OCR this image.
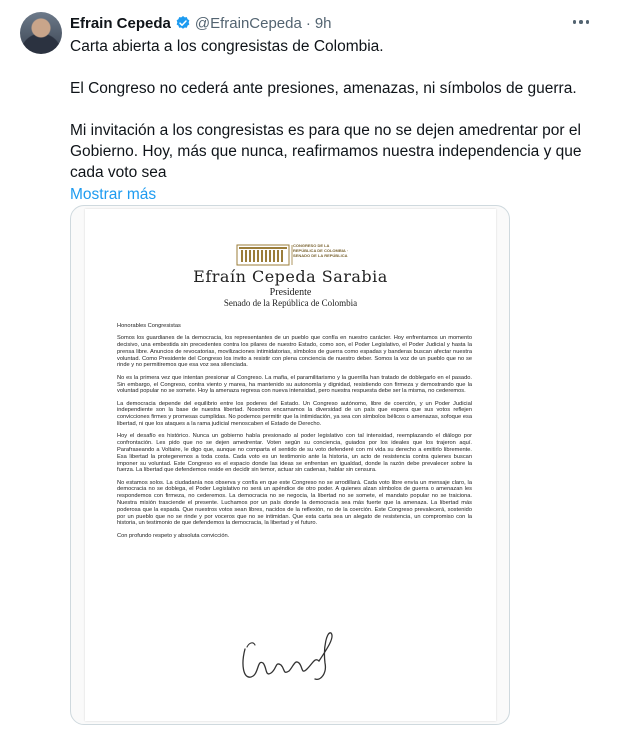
Efrain Cepeda @EfrainCepeda · 9h

Carta abierta a los congresistas de Colombia.

El Congreso no cederá ante presiones, amenazas, ni símbolos de guerra.

Mi invitación a los congresistas es para que no se dejen amedrentar por el Gobierno. Hoy, más que nunca, reafirmamos nuestra independencia y que cada voto sea

Mostrar más
CONGRESO DE LA REPÚBLICA DE COLOMBIA · SENADO DE LA REPÚBLICA
Efraín Cepeda Sarabia
Presidente
Senado de la República de Colombia

Honorables Congresistas

Somos los guardianes de la democracia, los representantes de un pueblo que confía en nuestro carácter. Hoy enfrentamos un momento decisivo, una embestida sin precedentes contra los pilares de nuestro Estado, como son, el Poder Legislativo, el Poder Judicial y hasta la prensa libre. Anuncios de revocatorias, movilizaciones intimidatorias, símbolos de guerra como espadas y banderas buscan afectar nuestra voluntad. Como Presidente del Congreso los invito a resistir con plena conciencia de nuestro deber. Somos la voz de un pueblo que no se rinde y no permitiremos que esa voz sea silenciada.

No es la primera vez que intentan presionar al Congreso. La mafia, el paramilitarismo y la guerrilla han tratado de doblegarlo en el pasado. Sin embargo, el Congreso, contra viento y marea, ha mantenido su autonomía y dignidad, resistiendo con firmeza y demostrando que la voluntad popular no se somete. Hoy la amenaza regresa con nueva intensidad, pero nuestra respuesta debe ser la misma, no cederemos.

La democracia depende del equilibrio entre los poderes del Estado. Un Congreso autónomo, libre de coerción, y un Poder Judicial independiente son la base de nuestra libertad. Nosotros encarnamos la diversidad de un país que espera que sus votos reflejen convicciones firmes y promesas cumplidas. No podemos permitir que la intimidación, ya sea con símbolos bélicos o amenazas, sofoque esa libertad, ni que los ataques a la rama judicial menoscaben el Estado de Derecho.

Hoy el desafío es histórico. Nunca un gobierno había presionado al poder legislativo con tal intensidad, reemplazando el diálogo por confrontación. Les pido que no se dejen amedrentar. Voten según su conciencia, guiados por los ideales que los trajeron aquí. Parafraseando a Voltaire, le digo que, aunque no comparta el sentido de su voto defenderé con mi vida su derecho a emitirlo libremente. Esa libertad la protegeremos a toda costa. Cada voto es un testimonio ante la historia, un acto de resistencia contra quienes buscan imponer su voluntad. Este Congreso es el espacio donde las ideas se enfrentan en igualdad, donde la razón debe prevalecer sobre la fuerza. La libertad que defendemos reside en decidir sin temor, actuar sin cadenas, hablar sin censura.

No estamos solos. La ciudadanía nos observa y confía en que este Congreso no se arrodillará. Cada voto libre envía un mensaje claro, la democracia no se doblega, el Poder Legislativo no será un apéndice de otro poder. A quienes alzan símbolos de guerra o amenazan les respondemos con firmeza, no cederemos. La democracia no se negocia, la libertad no se somete, el mandato popular no se traiciona. Nuestra misión trasciende el presente. Luchamos por un país donde la democracia sea más fuerte que la amenaza. La libertad más poderosa que la espada. Que nuestros votos sean libres, nacidos de la reflexión, no de la coerción. Este Congreso prevalecerá, sostenido por un pueblo que no se rinde y por voceros que no se intimidan. Que esta carta sea un alegato de resistencia, un compromiso con la historia, un testimonio de que defendemos la democracia, la libertad y el futuro.

Con profundo respeto y absoluta convicción.
